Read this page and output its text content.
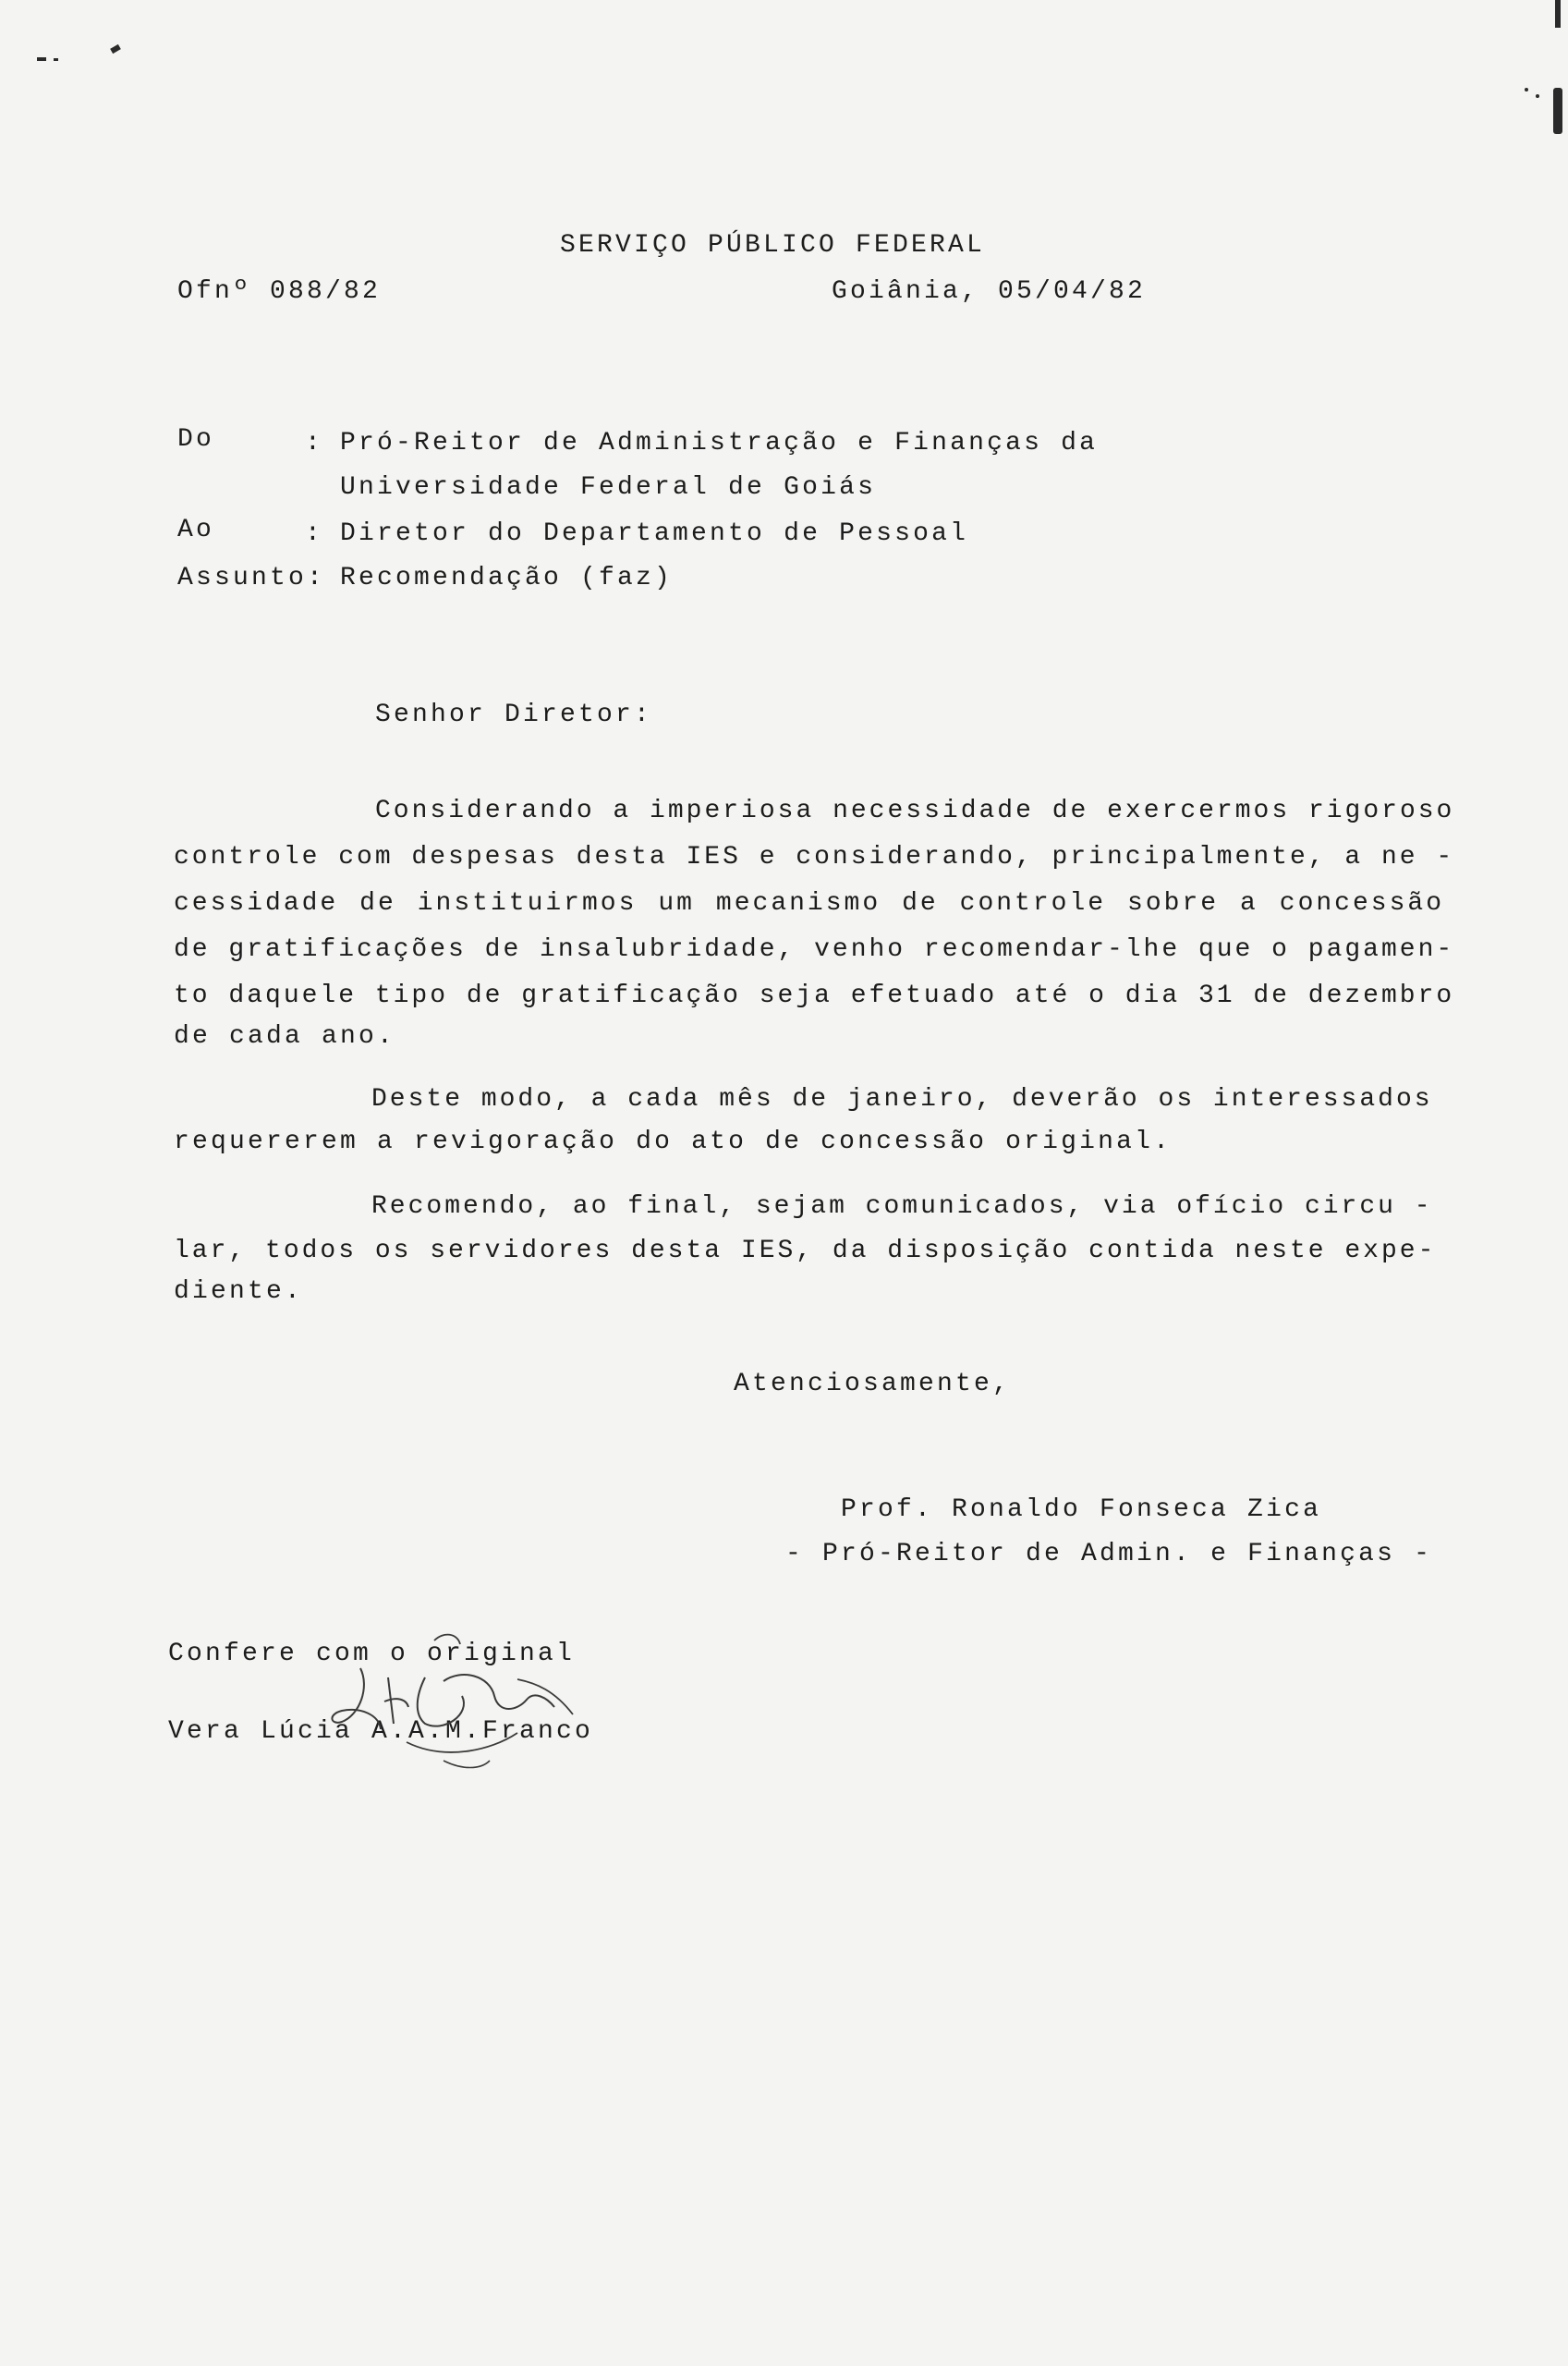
SERVIÇO PÚBLICO FEDERAL
Ofnº 088/82	Goiânia, 05/04/82
Do	: Pró-Reitor de Administração e Finanças da
Universidade Federal de Goiás
Ao	: Diretor do Departamento de Pessoal
Assunto: Recomendação (faz)
Senhor Diretor:
Considerando a imperiosa necessidade de exercermos rigoroso
controle com despesas desta IES e considerando, principalmente, a ne -
cessidade de instituirmos um mecanismo de controle sobre a concessão
de gratificações de insalubridade, venho recomendar-lhe que o pagamen-
to daquele tipo de gratificação seja efetuado até o dia 31 de dezembro
de cada ano.
Deste modo, a cada mês de janeiro, deverão os interessados
requererem a revigoração do ato de concessão original.
Recomendo, ao final, sejam comunicados, via ofício circu -
lar, todos os servidores desta IES, da disposição contida neste expe-
diente.
Atenciosamente,
Prof. Ronaldo Fonseca Zica
- Pró-Reitor de Admin. e Finanças -
Confere com o original
Vera Lúcia A.A.M.Franco
